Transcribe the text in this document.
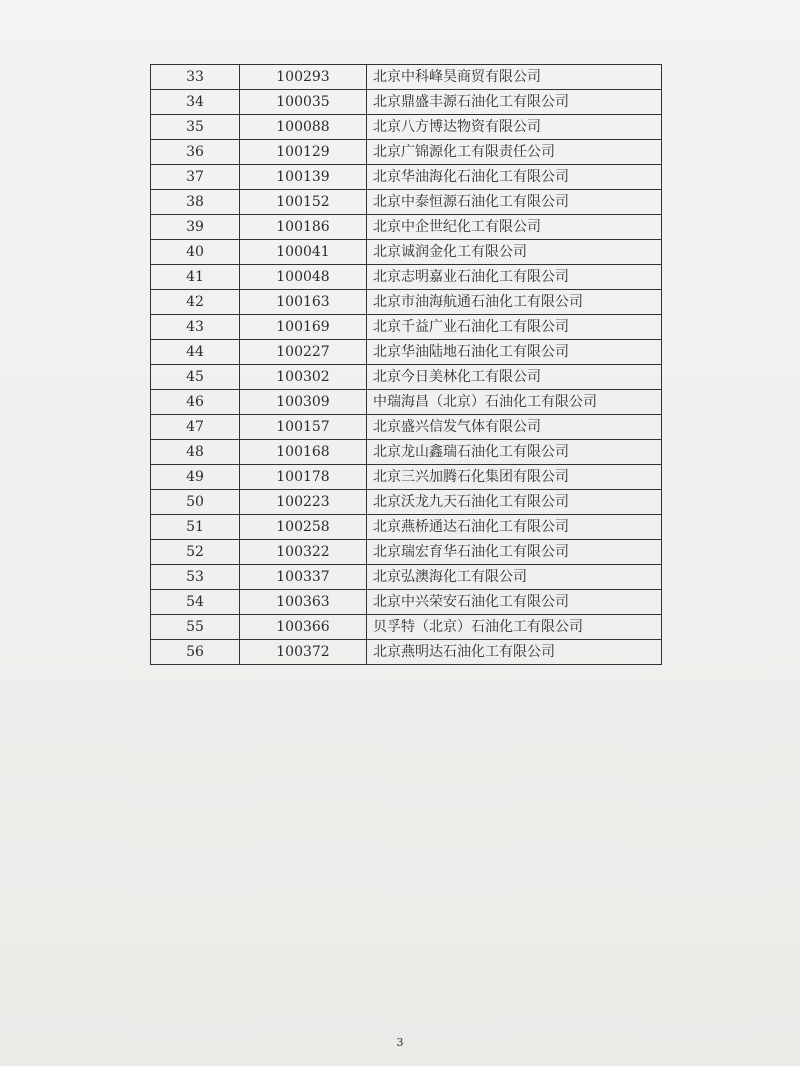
33	100293	北京中科峰昊商贸有限公司
34	100035	北京鼎盛丰源石油化工有限公司
35	100088	北京八方博达物资有限公司
36	100129	北京广锦源化工有限责任公司
37	100139	北京华油海化石油化工有限公司
38	100152	北京中泰恒源石油化工有限公司
39	100186	北京中企世纪化工有限公司
40	100041	北京诚润金化工有限公司
41	100048	北京志明嘉业石油化工有限公司
42	100163	北京市油海航通石油化工有限公司
43	100169	北京千益广业石油化工有限公司
44	100227	北京华油陆地石油化工有限公司
45	100302	北京今日美林化工有限公司
46	100309	中瑞海昌（北京）石油化工有限公司
47	100157	北京盛兴信发气体有限公司
48	100168	北京龙山鑫瑞石油化工有限公司
49	100178	北京三兴加腾石化集团有限公司
50	100223	北京沃龙九天石油化工有限公司
51	100258	北京燕桥通达石油化工有限公司
52	100322	北京瑞宏育华石油化工有限公司
53	100337	北京弘澳海化工有限公司
54	100363	北京中兴荣安石油化工有限公司
55	100366	贝孚特（北京）石油化工有限公司
56	100372	北京燕明达石油化工有限公司
3
